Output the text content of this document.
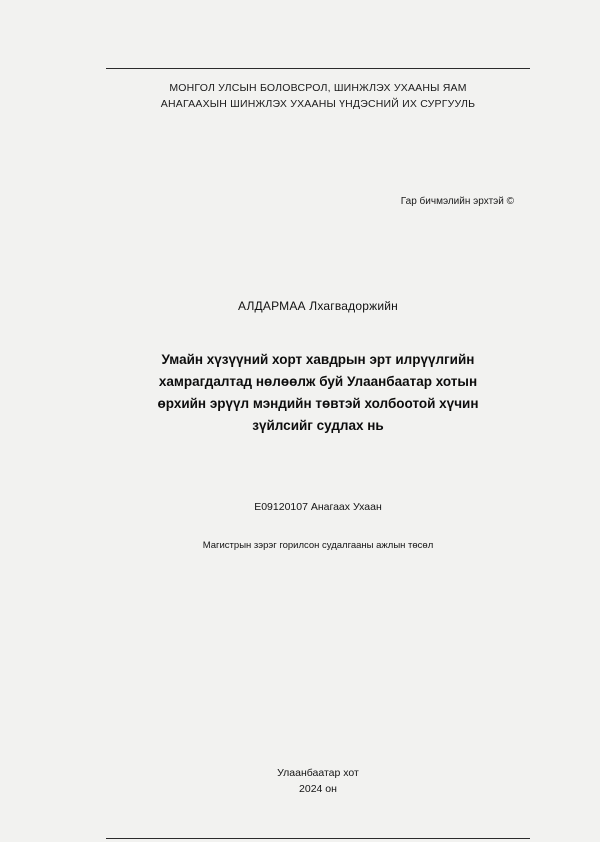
МОНГОЛ УЛСЫН БОЛОВСРОЛ, ШИНЖЛЭХ УХААНЫ ЯАМ
АНАГААХЫН ШИНЖЛЭХ УХААНЫ ҮНДЭСНИЙ ИХ СУРГУУЛЬ
Гар бичмэлийн эрхтэй ©
АЛДАРМАА Лхагвадоржийн
Умайн хүзүүний хорт хавдрын эрт илрүүлгийн
хамрагдалтад нөлөөлж буй Улаанбаатар хотын
өрхийн эрүүл мэндийн төвтэй холбоотой хүчин
зүйлсийг судлах нь
E09120107 Анагаах Ухаан
Магистрын зэрэг горилсон судалгааны ажлын төсөл
Улаанбаатар хот
2024 он
